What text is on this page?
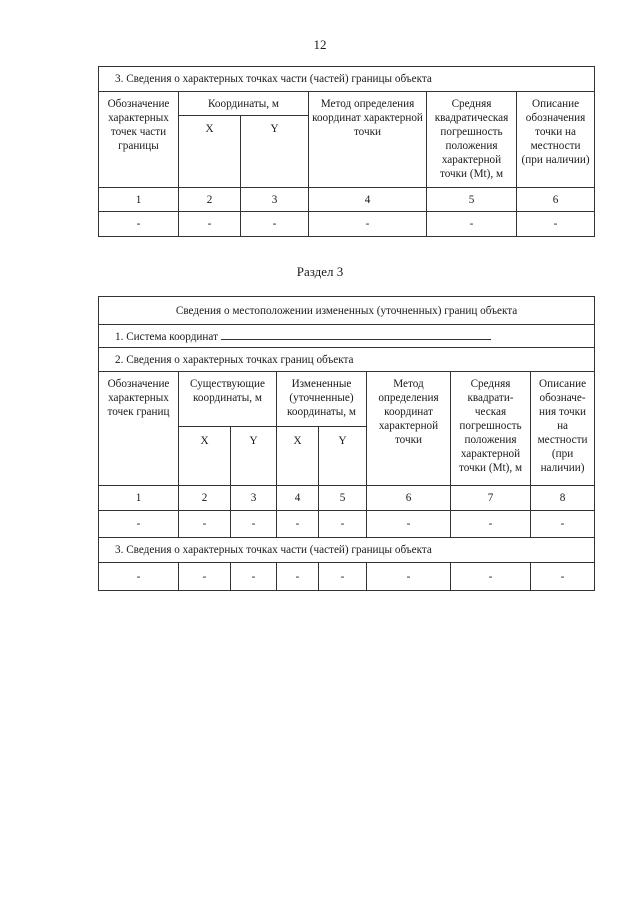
12
3. Сведения о характерных точках части (частей) границы объекта					
Обозначение характерных точек части границы	Координаты, м		Метод определения координат характерной точки	Средняя квадратическая погрешность положения характерной точки (Mt), м	Описание обозначения точки на местности (при наличии)
	X	Y			
1	2	3	4	5	6
-	-	-	-	-	-
Раздел 3
Сведения о местоположении измененных (уточненных) границ объекта							
1. Система координат							
2. Сведения о характерных точках границ объекта							
Обозначение характерных точек границ	Существующие координаты, м		Измененные (уточненные) координаты, м		Метод определения координат характерной точки	Средняя квадрати-ческая погрешность положения характерной точки (Mt), м	Описание обозначе-ния точки на местности (при наличии)
	X	Y	X	Y			
1	2	3	4	5	6	7	8
-	-	-	-	-	-	-	-
3. Сведения о характерных точках части (частей) границы объекта							
-	-	-	-	-	-	-	-
